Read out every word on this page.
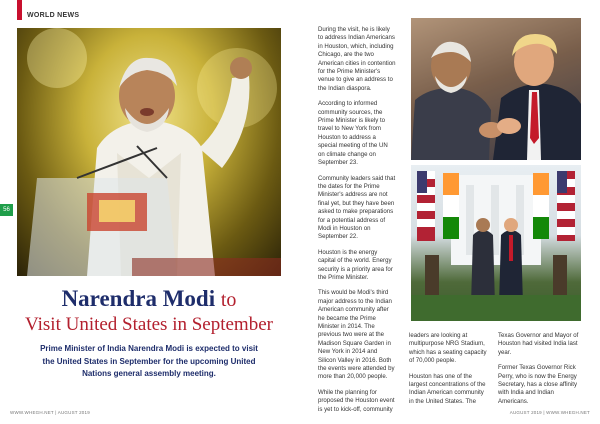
WORLD NEWS
56
Narendra Modi to
Visit United States in September
Prime Minister of India Narendra Modi is expected to visit the United States in September for the upcoming United Nations general assembly meeting.

During the visit, he is likely to address Indian Americans in Houston, which, including Chicago, are the two American cities in contention for the Prime Minister's venue to give an address to the Indian diaspora.

According to informed community sources, the Prime Minister is likely to travel to New York from Houston to address a special meeting of the UN on climate change on September 23.

Community leaders said that the dates for the Prime Minister's address are not final yet, but they have been asked to make preparations for a potential address of Modi in Houston on September 22.

Houston is the energy capital of the world. Energy security is a priority area for the Prime Minister.

This would be Modi's third major address to the Indian American community after he became the Prime Minister in 2014. The previous two were at the Madison Square Garden in New York in 2014 and Silicon Valley in 2016. Both the events were attended by more than 20,000 people.

While the planning for proposed the Houston event is yet to kick-off, community

leaders are looking at multipurpose NRG Stadium, which has a seating capacity of 70,000 people.

Houston has one of the largest concentrations of the Indian American community in the United States. The

Texas Governor and Mayor of Houston had visited India last year.

Former Texas Governor Rick Perry, who is now the Energy Secretary, has a close affinity with India and Indian Americans.

WWW.WHEGH.NET | AUGUST 2019	AUGUST 2019 | WWW.WHEGH.NET
